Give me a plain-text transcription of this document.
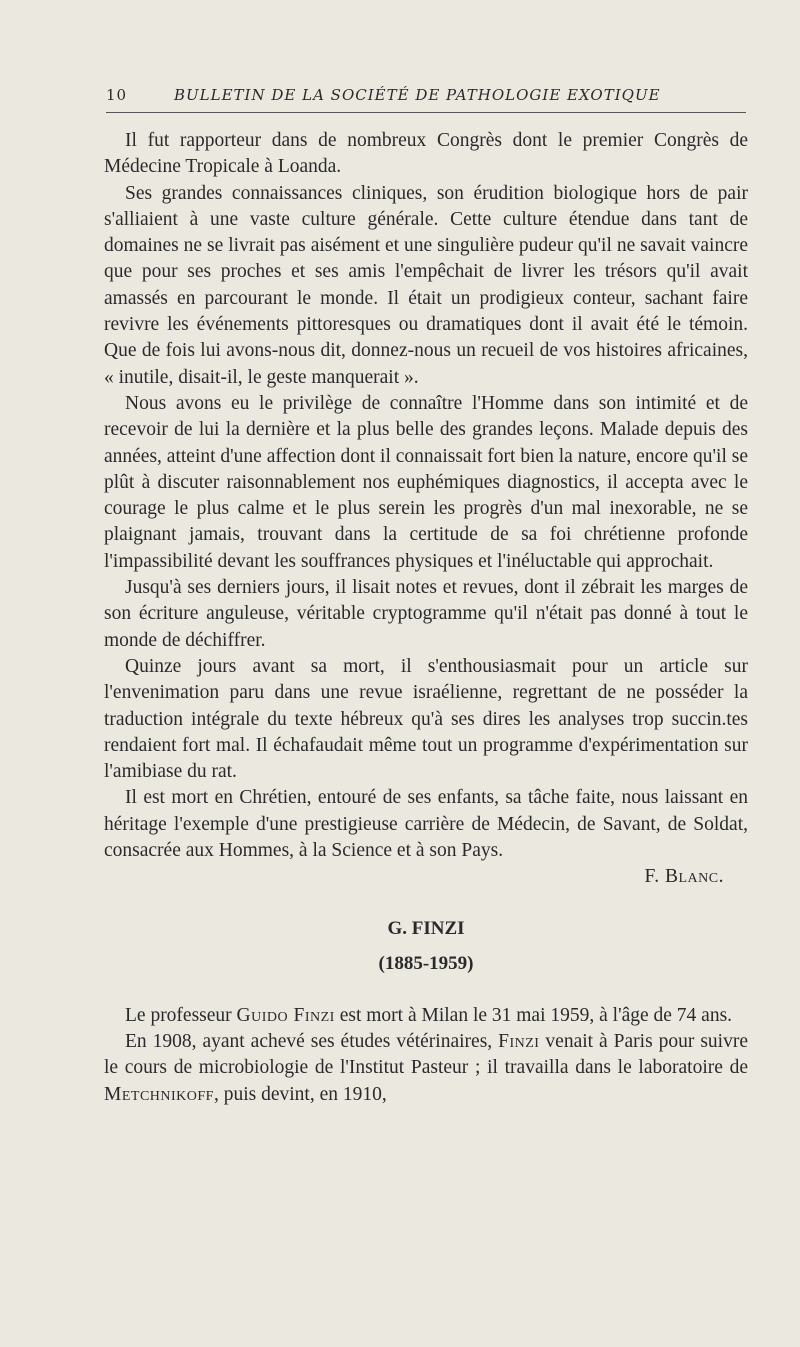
10	BULLETIN DE LA SOCIÉTÉ DE PATHOLOGIE EXOTIQUE

Il fut rapporteur dans de nombreux Congrès dont le premier Congrès de Médecine Tropicale à Loanda.

Ses grandes connaissances cliniques, son érudition biologique hors de pair s'alliaient à une vaste culture générale. Cette culture étendue dans tant de domaines ne se livrait pas aisément et une singulière pudeur qu'il ne savait vaincre que pour ses proches et ses amis l'empêchait de livrer les trésors qu'il avait amassés en parcourant le monde. Il était un prodigieux conteur, sachant faire revivre les événements pittoresques ou dramatiques dont il avait été le témoin. Que de fois lui avons-nous dit, donnez-nous un recueil de vos histoires africaines, « inutile, disait-il, le geste manquerait ».

Nous avons eu le privilège de connaître l'Homme dans son intimité et de recevoir de lui la dernière et la plus belle des grandes leçons. Malade depuis des années, atteint d'une affection dont il connaissait fort bien la nature, encore qu'il se plût à discuter raisonnablement nos euphémiques diagnostics, il accepta avec le courage le plus calme et le plus serein les progrès d'un mal inexorable, ne se plaignant jamais, trouvant dans la certitude de sa foi chrétienne profonde l'impassibilité devant les souffrances physiques et l'inéluctable qui approchait.

Jusqu'à ses derniers jours, il lisait notes et revues, dont il zébrait les marges de son écriture anguleuse, véritable cryptogramme qu'il n'était pas donné à tout le monde de déchiffrer.

Quinze jours avant sa mort, il s'enthousiasmait pour un article sur l'envenimation paru dans une revue israélienne, regrettant de ne posséder la traduction intégrale du texte hébreux qu'à ses dires les analyses trop succin.tes rendaient fort mal. Il échafaudait même tout un programme d'expérimentation sur l'amibiase du rat.

Il est mort en Chrétien, entouré de ses enfants, sa tâche faite, nous laissant en héritage l'exemple d'une prestigieuse carrière de Médecin, de Savant, de Soldat, consacrée aux Hommes, à la Science et à son Pays.

F. Blanc.
G. FINZI
(1885-1959)

Le professeur Guido Finzi est mort à Milan le 31 mai 1959, à l'âge de 74 ans.

En 1908, ayant achevé ses études vétérinaires, Finzi venait à Paris pour suivre le cours de microbiologie de l'Institut Pasteur ; il travailla dans le laboratoire de Metchnikoff, puis devint, en 1910,
